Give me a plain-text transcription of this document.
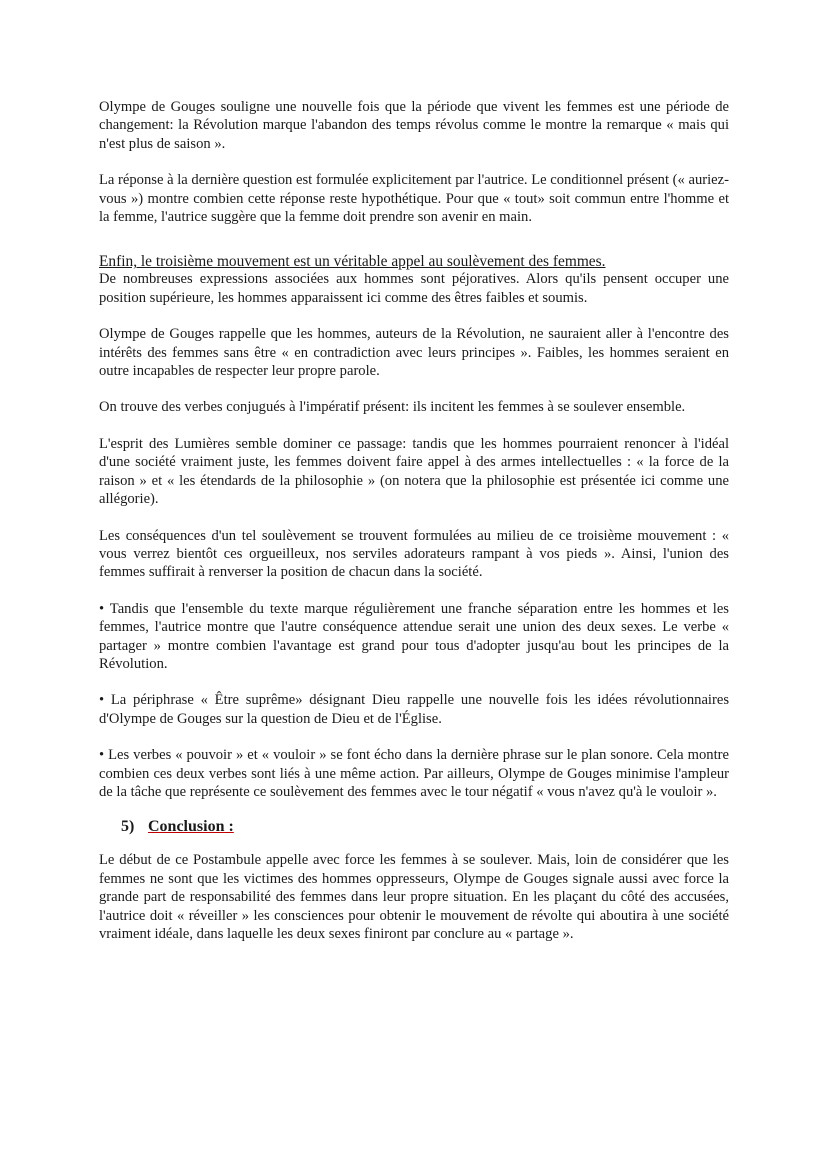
Olympe de Gouges souligne une nouvelle fois que la période que vivent les femmes est une période de changement: la Révolution marque l'abandon des temps révolus comme le montre la remarque « mais qui n'est plus de saison ».

La réponse à la dernière question est formulée explicitement par l'autrice. Le conditionnel présent (« auriez-vous ») montre combien cette réponse reste hypothétique. Pour que « tout» soit commun entre l'homme et la femme, l'autrice suggère que la femme doit prendre son avenir en main.

Enfin, le troisième mouvement est un véritable appel au soulèvement des femmes.

De nombreuses expressions associées aux hommes sont péjoratives. Alors qu'ils pensent occuper une position supérieure, les hommes apparaissent ici comme des êtres faibles et soumis.

Olympe de Gouges rappelle que les hommes, auteurs de la Révolution, ne sauraient aller à l'encontre des intérêts des femmes sans être « en contradiction avec leurs principes ». Faibles, les hommes seraient en outre incapables de respecter leur propre parole.

On trouve des verbes conjugués à l'impératif présent: ils incitent les femmes à se soulever ensemble.

L'esprit des Lumières semble dominer ce passage: tandis que les hommes pourraient renoncer à l'idéal d'une société vraiment juste, les femmes doivent faire appel à des armes intellectuelles : « la force de la raison » et « les étendards de la philosophie » (on notera que la philosophie est présentée ici comme une allégorie).

Les conséquences d'un tel soulèvement se trouvent formulées au milieu de ce troisième mouvement : « vous verrez bientôt ces orgueilleux, nos serviles adorateurs rampant à vos pieds ». Ainsi, l'union des femmes suffirait à renverser la position de chacun dans la société.

• Tandis que l'ensemble du texte marque régulièrement une franche séparation entre les hommes et les femmes, l'autrice montre que l'autre conséquence attendue serait une union des deux sexes. Le verbe « partager » montre combien l'avantage est grand pour tous d'adopter jusqu'au bout les principes de la Révolution.

• La périphrase « Être suprême» désignant Dieu rappelle une nouvelle fois les idées révolutionnaires d'Olympe de Gouges sur la question de Dieu et de l'Église.

• Les verbes « pouvoir » et « vouloir » se font écho dans la dernière phrase sur le plan sonore. Cela montre combien ces deux verbes sont liés à une même action. Par ailleurs, Olympe de Gouges minimise l'ampleur de la tâche que représente ce soulèvement des femmes avec le tour négatif « vous n'avez qu'à le vouloir ».

5) Conclusion :

Le début de ce Postambule appelle avec force les femmes à se soulever. Mais, loin de considérer que les femmes ne sont que les victimes des hommes oppresseurs, Olympe de Gouges signale aussi avec force la grande part de responsabilité des femmes dans leur propre situation. En les plaçant du côté des accusées, l'autrice doit « réveiller » les consciences pour obtenir le mouvement de révolte qui aboutira à une société vraiment idéale, dans laquelle les deux sexes finiront par conclure au « partage ».
